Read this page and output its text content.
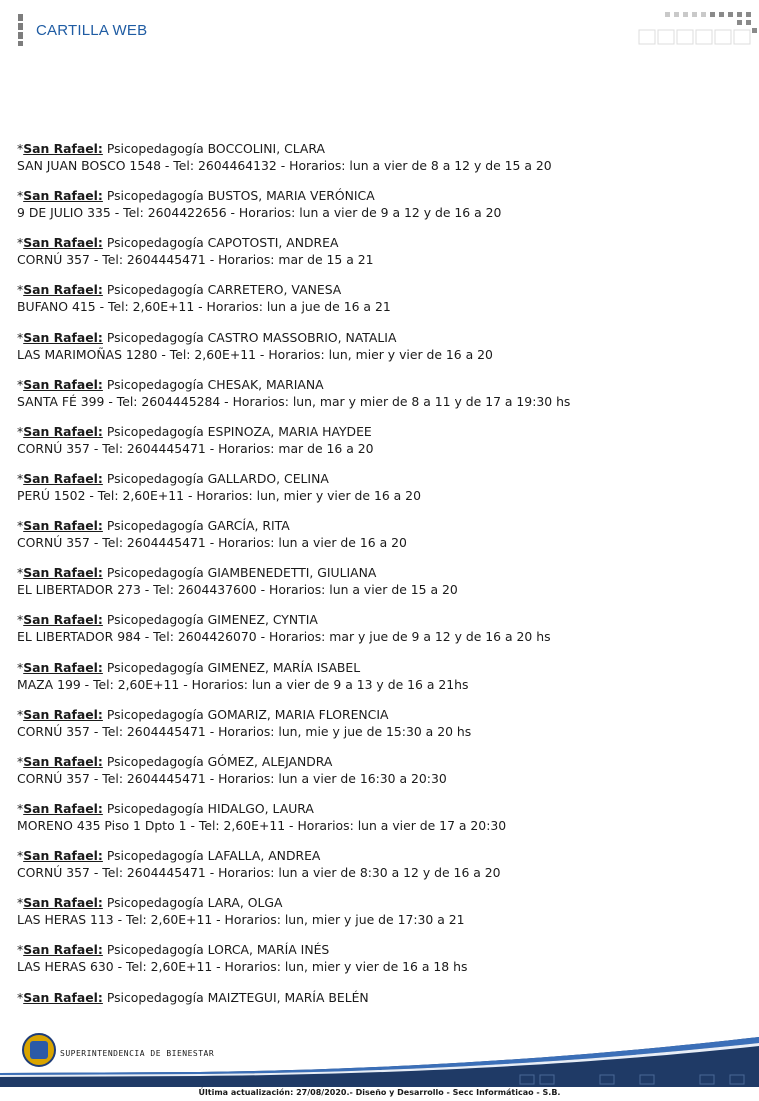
CARTILLA WEB
*San Rafael: Psicopedagogía BOCCOLINI, CLARA
SAN JUAN BOSCO 1548 - Tel: 2604464132 - Horarios: lun a vier de 8 a 12 y de 15 a 20
*San Rafael: Psicopedagogía BUSTOS, MARIA VERÓNICA
9 DE JULIO 335 - Tel: 2604422656 - Horarios: lun a vier de 9 a 12 y de 16 a 20
*San Rafael: Psicopedagogía CAPOTOSTI, ANDREA
CORNÚ 357 - Tel: 2604445471 - Horarios: mar de 15 a 21
*San Rafael: Psicopedagogía CARRETERO, VANESA
BUFANO 415 - Tel: 2,60E+11 - Horarios: lun a jue de 16 a 21
*San Rafael: Psicopedagogía CASTRO MASSOBRIO, NATALIA
LAS MARIMOÑAS 1280 - Tel: 2,60E+11 - Horarios: lun, mier y vier de 16 a 20
*San Rafael: Psicopedagogía CHESAK, MARIANA
SANTA FÉ 399 - Tel: 2604445284 - Horarios: lun, mar y mier de 8 a 11 y de 17 a 19:30 hs
*San Rafael: Psicopedagogía ESPINOZA, MARIA HAYDEE
CORNÚ 357 - Tel: 2604445471 - Horarios: mar de 16 a 20
*San Rafael: Psicopedagogía GALLARDO, CELINA
PERÚ 1502 - Tel: 2,60E+11 - Horarios: lun, mier y vier de 16 a 20
*San Rafael: Psicopedagogía GARCÍA, RITA
CORNÚ 357 - Tel: 2604445471 - Horarios: lun a vier de 16 a 20
*San Rafael: Psicopedagogía GIAMBENEDETTI, GIULIANA
EL LIBERTADOR 273 - Tel: 2604437600 - Horarios: lun a vier de 15 a 20
*San Rafael: Psicopedagogía GIMENEZ, CYNTIA
EL LIBERTADOR 984 - Tel: 2604426070 - Horarios: mar y jue de 9 a 12 y de 16 a 20 hs
*San Rafael: Psicopedagogía GIMENEZ, MARÍA ISABEL
MAZA 199 - Tel: 2,60E+11 - Horarios: lun a vier de 9 a 13 y de 16 a 21hs
*San Rafael: Psicopedagogía GOMARIZ, MARIA FLORENCIA
CORNÚ 357 - Tel: 2604445471 - Horarios: lun, mie y jue de 15:30 a 20 hs
*San Rafael: Psicopedagogía GÓMEZ, ALEJANDRA
CORNÚ 357 - Tel: 2604445471 - Horarios: lun a vier de 16:30 a 20:30
*San Rafael: Psicopedagogía HIDALGO, LAURA
MORENO 435 Piso 1 Dpto 1 - Tel: 2,60E+11 - Horarios: lun a vier de 17 a 20:30
*San Rafael: Psicopedagogía LAFALLA, ANDREA
CORNÚ 357 - Tel: 2604445471 - Horarios: lun a vier de 8:30 a 12 y de 16 a 20
*San Rafael: Psicopedagogía LARA, OLGA
LAS HERAS 113 - Tel: 2,60E+11 - Horarios: lun, mier y jue de 17:30 a 21
*San Rafael: Psicopedagogía LORCA, MARÍA INÉS
LAS HERAS 630 - Tel: 2,60E+11 - Horarios: lun, mier y vier de 16 a 18 hs
*San Rafael: Psicopedagogía MAIZTEGUI, MARÍA BELÉN
SUPERINTENDENCIA DE BIENESTAR
Última actualización: 27/08/2020.- Diseño y Desarrollo - Secc Informáticao - S.B.
